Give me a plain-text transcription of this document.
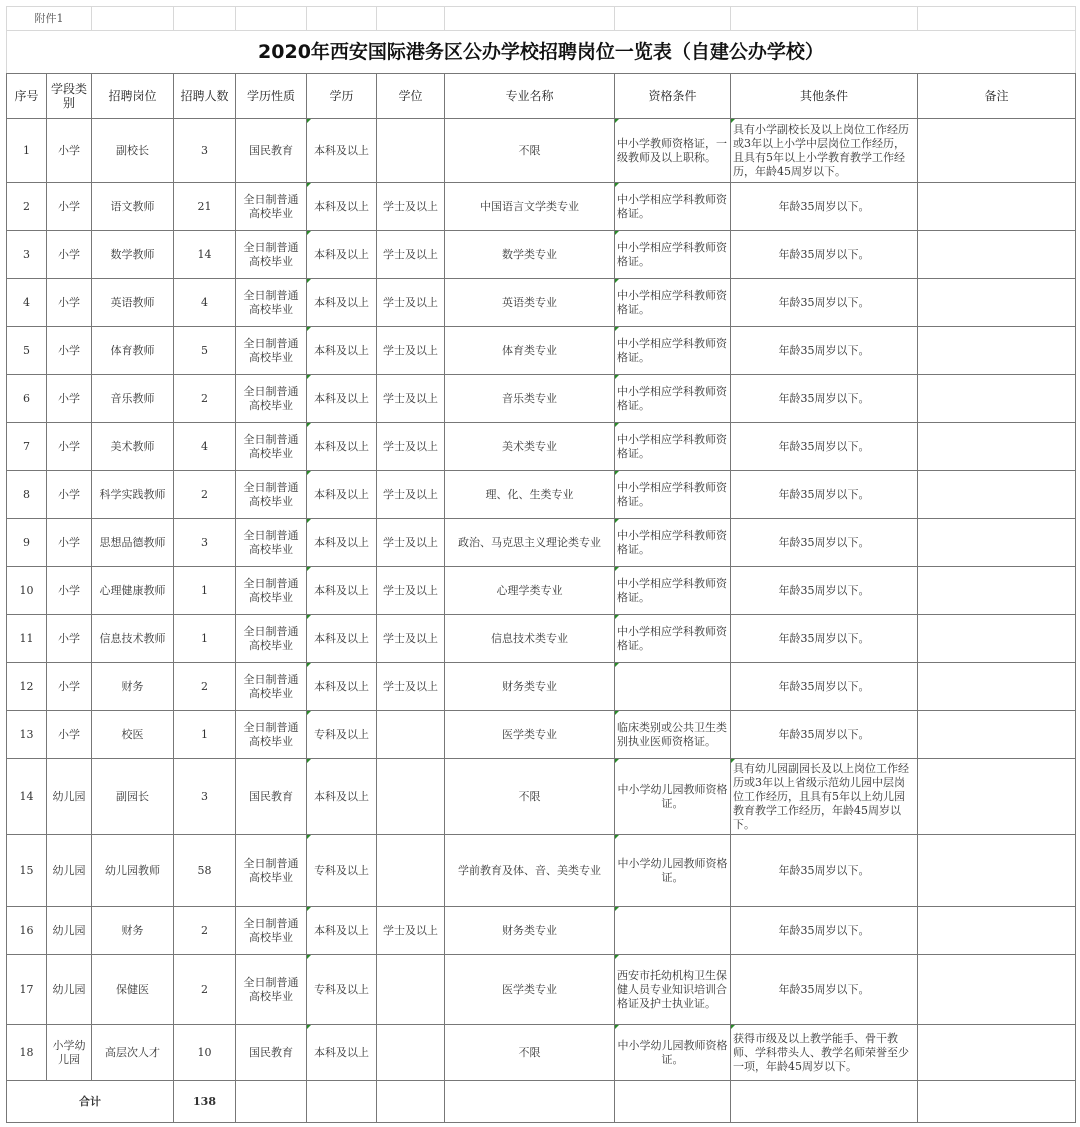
附件1										
2020年西安国际港务区公办学校招聘岗位一览表（自建公办学校）										
序号	学段类别	招聘岗位	招聘人数	学历性质	学历	学位	专业名称	资格条件	其他条件	备注
1	小学	副校长	3	国民教育	本科及以上		不限	中小学教师资格证，一级教师及以上职称。	具有小学副校长及以上岗位工作经历或3年以上小学中层岗位工作经历，且具有5年以上小学教育教学工作经历，年龄45周岁以下。	
2	小学	语文教师	21	全日制普通高校毕业	本科及以上	学士及以上	中国语言文学类专业	中小学相应学科教师资格证。	年龄35周岁以下。	
3	小学	数学教师	14	全日制普通高校毕业	本科及以上	学士及以上	数学类专业	中小学相应学科教师资格证。	年龄35周岁以下。	
4	小学	英语教师	4	全日制普通高校毕业	本科及以上	学士及以上	英语类专业	中小学相应学科教师资格证。	年龄35周岁以下。	
5	小学	体育教师	5	全日制普通高校毕业	本科及以上	学士及以上	体育类专业	中小学相应学科教师资格证。	年龄35周岁以下。	
6	小学	音乐教师	2	全日制普通高校毕业	本科及以上	学士及以上	音乐类专业	中小学相应学科教师资格证。	年龄35周岁以下。	
7	小学	美术教师	4	全日制普通高校毕业	本科及以上	学士及以上	美术类专业	中小学相应学科教师资格证。	年龄35周岁以下。	
8	小学	科学实践教师	2	全日制普通高校毕业	本科及以上	学士及以上	理、化、生类专业	中小学相应学科教师资格证。	年龄35周岁以下。	
9	小学	思想品德教师	3	全日制普通高校毕业	本科及以上	学士及以上	政治、马克思主义理论类专业	中小学相应学科教师资格证。	年龄35周岁以下。	
10	小学	心理健康教师	1	全日制普通高校毕业	本科及以上	学士及以上	心理学类专业	中小学相应学科教师资格证。	年龄35周岁以下。	
11	小学	信息技术教师	1	全日制普通高校毕业	本科及以上	学士及以上	信息技术类专业	中小学相应学科教师资格证。	年龄35周岁以下。	
12	小学	财务	2	全日制普通高校毕业	本科及以上	学士及以上	财务类专业		年龄35周岁以下。	
13	小学	校医	1	全日制普通高校毕业	专科及以上		医学类专业	临床类别或公共卫生类别执业医师资格证。	年龄35周岁以下。	
14	幼儿园	副园长	3	国民教育	本科及以上		不限	中小学幼儿园教师资格证。	具有幼儿园副园长及以上岗位工作经历或3年以上省级示范幼儿园中层岗位工作经历，且具有5年以上幼儿园教育教学工作经历，年龄45周岁以下。	
15	幼儿园	幼儿园教师	58	全日制普通高校毕业	专科及以上		学前教育及体、音、美类专业	中小学幼儿园教师资格证。	年龄35周岁以下。	
16	幼儿园	财务	2	全日制普通高校毕业	本科及以上	学士及以上	财务类专业		年龄35周岁以下。	
17	幼儿园	保健医	2	全日制普通高校毕业	专科及以上		医学类专业	西安市托幼机构卫生保健人员专业知识培训合格证及护士执业证。	年龄35周岁以下。	
18	小学幼儿园	高层次人才	10	国民教育	本科及以上		不限	中小学幼儿园教师资格证。	获得市级及以上教学能手、骨干教师、学科带头人、教学名师荣誉至少一项，年龄45周岁以下。	
合计			138							
